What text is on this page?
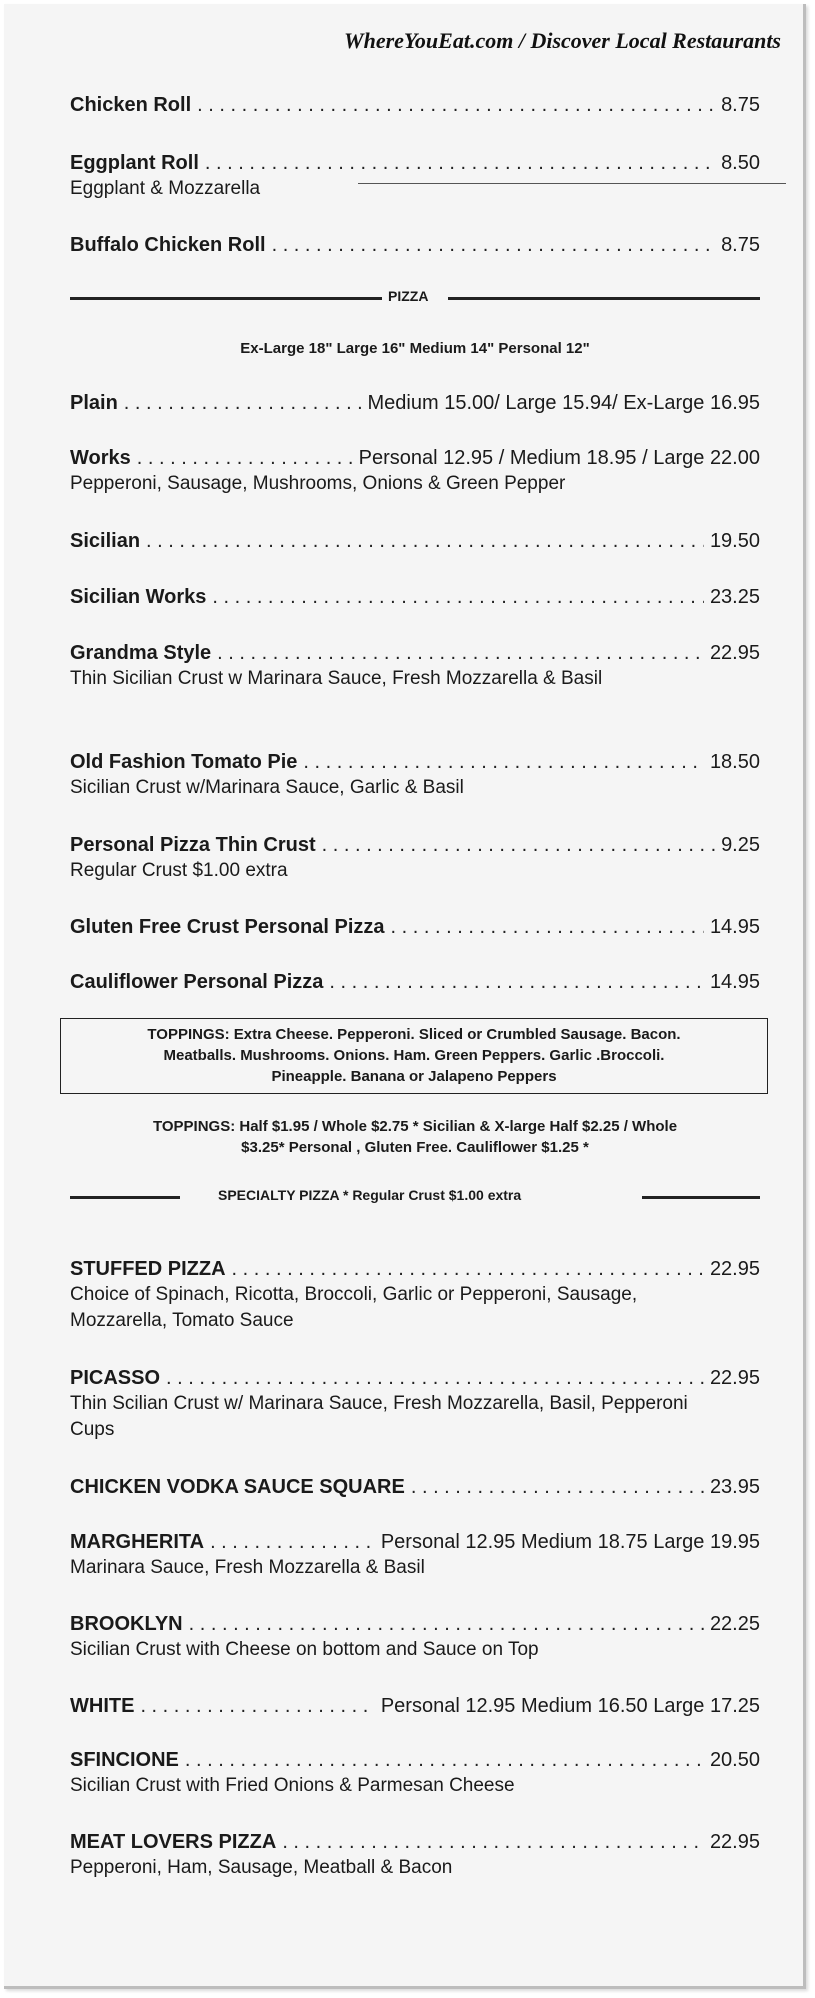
WhereYouEat.com / Discover Local Restaurants
Chicken Roll . . .	8.75
Eggplant Roll . . .	8.50
Eggplant & Mozzarella
Buffalo Chicken Roll . . .	8.75
PIZZA
Ex-Large 18" Large 16" Medium 14" Personal 12"
Plain . . .	Medium 15.00/ Large 15.94/ Ex-Large 16.95
Works . . .	Personal 12.95 / Medium 18.95 / Large 22.00
Pepperoni, Sausage, Mushrooms, Onions & Green Pepper
Sicilian . . .	19.50
Sicilian Works . . .	23.25
Grandma Style . . .	22.95
Thin Sicilian Crust w Marinara Sauce, Fresh Mozzarella & Basil
Old Fashion Tomato Pie . . .	18.50
Sicilian Crust w/Marinara Sauce, Garlic & Basil
Personal Pizza Thin Crust . . .	9.25
Regular Crust $1.00 extra
Gluten Free Crust Personal Pizza . . .	14.95
Cauliflower Personal Pizza . . .	14.95
TOPPINGS: Extra Cheese. Pepperoni. Sliced or Crumbled Sausage. Bacon.
Meatballs. Mushrooms. Onions. Ham. Green Peppers. Garlic .Broccoli.
Pineapple. Banana or Jalapeno Peppers
TOPPINGS: Half $1.95 / Whole $2.75 * Sicilian & X-large Half $2.25 / Whole
$3.25* Personal , Gluten Free. Cauliflower $1.25 *
SPECIALTY PIZZA * Regular Crust $1.00 extra
STUFFED PIZZA . . .	22.95
Choice of Spinach, Ricotta, Broccoli, Garlic or Pepperoni, Sausage, Mozzarella, Tomato Sauce
PICASSO . . .	22.95
Thin Scilian Crust w/ Marinara Sauce, Fresh Mozzarella, Basil, Pepperoni Cups
CHICKEN VODKA SAUCE SQUARE . . .	23.95
MARGHERITA . . .	Personal 12.95 Medium 18.75 Large 19.95
Marinara Sauce, Fresh Mozzarella & Basil
BROOKLYN . . .	22.25
Sicilian Crust with Cheese on bottom and Sauce on Top
WHITE . . .	Personal 12.95 Medium 16.50 Large 17.25
SFINCIONE . . .	20.50
Sicilian Crust with Fried Onions & Parmesan Cheese
MEAT LOVERS PIZZA . . .	22.95
Pepperoni, Ham, Sausage, Meatball & Bacon
